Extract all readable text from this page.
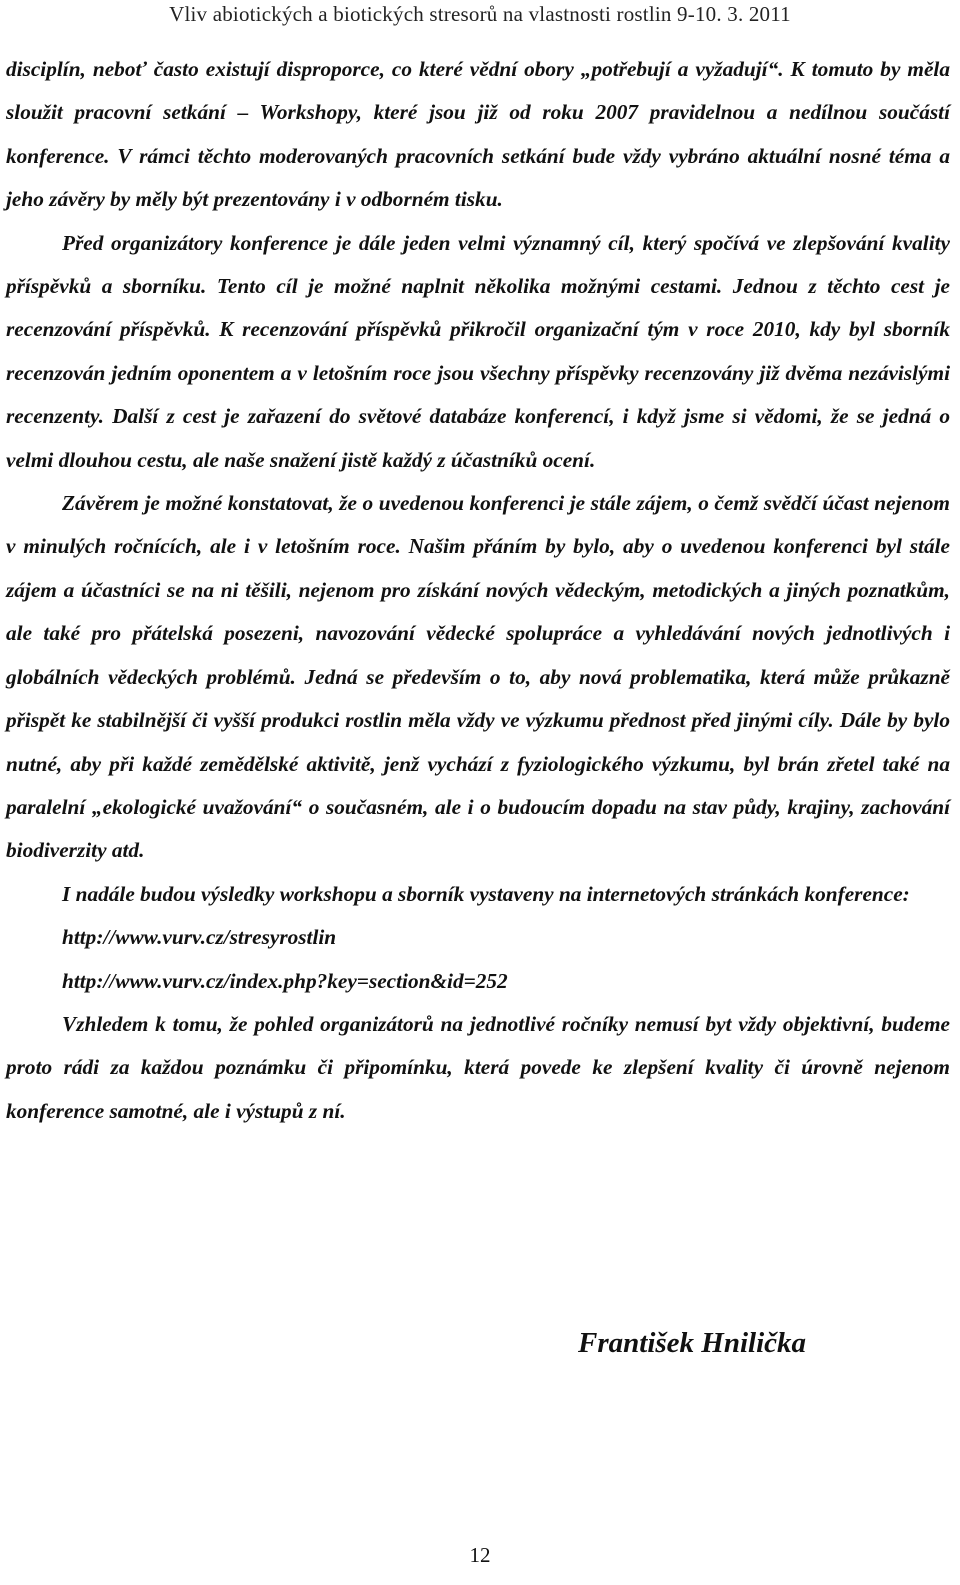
Vliv abiotických a biotických stresorů na vlastnosti rostlin 9-10. 3. 2011

disciplín, neboť často existují disproporce, co které vědní obory „potřebují a vyžadují“. K tomuto by měla sloužit pracovní setkání – Workshopy, které jsou již od roku 2007 pravidelnou a nedílnou součástí konference. V rámci těchto moderovaných pracovních setkání bude vždy vybráno aktuální nosné téma a jeho závěry by měly být prezentovány i v odborném tisku.

Před organizátory konference je dále jeden velmi významný cíl, který spočívá ve zlepšování kvality příspěvků a sborníku. Tento cíl je možné naplnit několika možnými cestami. Jednou z těchto cest je recenzování příspěvků. K recenzování příspěvků přikročil organizační tým v roce 2010, kdy byl sborník recenzován jedním oponentem a v letošním roce jsou všechny příspěvky recenzovány již dvěma nezávislými recenzenty. Další z cest je zařazení do světové databáze konferencí, i když jsme si vědomi, že se jedná o velmi dlouhou cestu, ale naše snažení jistě každý z účastníků ocení.

Závěrem je možné konstatovat, že o uvedenou konferenci je stále zájem, o čemž svědčí účast nejenom v minulých ročnících, ale i v letošním roce. Našim přáním by bylo, aby o uvedenou konferenci byl stále zájem a účastníci se na ni těšili, nejenom pro získání nových vědeckým, metodických a jiných poznatkům, ale také pro přátelská posezeni, navozování vědecké spolupráce a vyhledávání nových jednotlivých i globálních vědeckých problémů. Jedná se především o to, aby nová problematika, která může průkazně přispět ke stabilnější či vyšší produkci rostlin měla vždy ve výzkumu přednost před jinými cíly. Dále by bylo nutné, aby při každé zemědělské aktivitě, jenž vychází z fyziologického výzkumu, byl brán zřetel také na paralelní „ekologické uvažování“ o současném, ale i o budoucím dopadu na stav půdy, krajiny, zachování biodiverzity atd.

I nadále budou výsledky workshopu a sborník vystaveny na internetových stránkách konference:

http://www.vurv.cz/stresyrostlin

http://www.vurv.cz/index.php?key=section&id=252

Vzhledem k tomu, že pohled organizátorů na jednotlivé ročníky nemusí byt vždy objektivní, budeme proto rádi za každou poznámku či připomínku, která povede ke zlepšení kvality či úrovně nejenom konference samotné, ale i výstupů z ní.

František Hnilička
12
